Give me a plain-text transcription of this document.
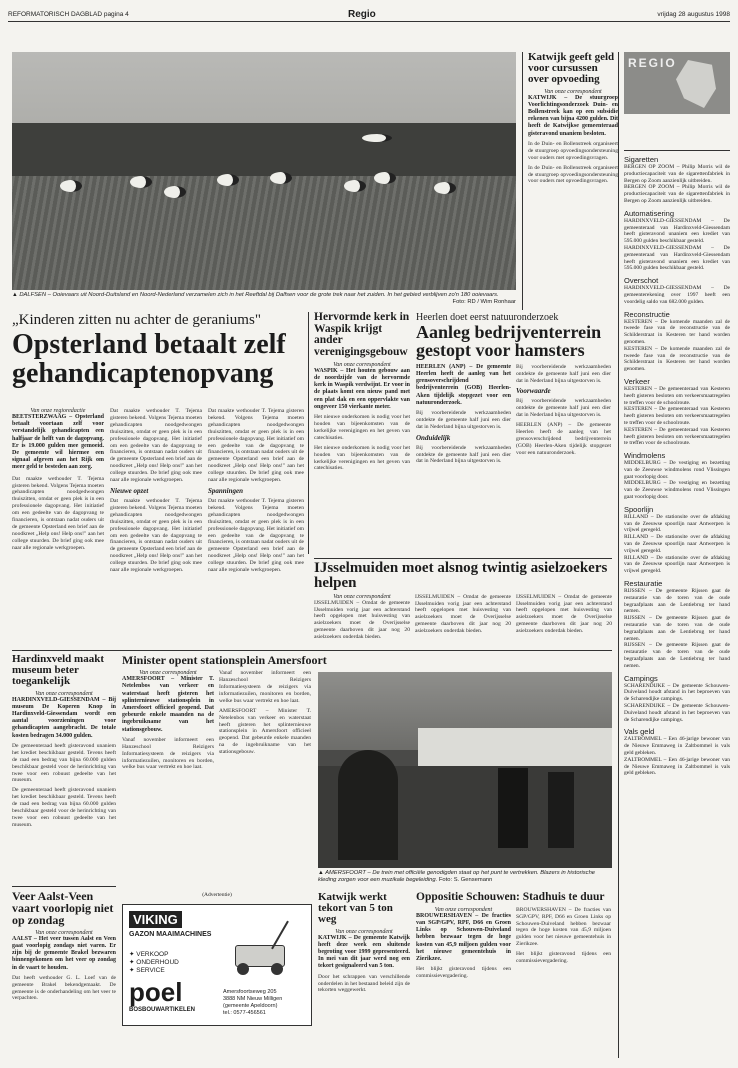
REFORMATORISCH DAGBLAD pagina 4	Regio	vrijdag 28 augustus 1998
▲ DALFSEN – Ooievaars uit Noord-Duitsland en Noord-Nederland verzamelen zich in het Reeftdal bij Dalfsen voor de grote trek naar het zuiden. In het gebied verblijven zo'n 180 ooievaars.
Foto: RD / Wim Ronhaar
„Kinderen zitten nu achter de geraniums"
Opsterland betaalt zelf gehandicaptenopvang
Van onze regioredactie
BEETSTERZWAAG – Opsterland betaalt voortaan zelf voor verstandelijk gehandicapten een halfjaar de helft van de dagopvang. Er is 19.000 gulden mee gemoeid. De gemeente wil hiermee een signaal afgeven aan het Rijk om meer geld te besteden aan zorg.
Dat maakte wethouder T. Tejema gisteren bekend. Volgens Tejema moeten gehandicapten noodgedwongen thuiszitten, omdat er geen plek is in een professionele dagopvang. Het initiatief om een gedeelte van de dagopvang te financieren, is ontstaan nadat ouders uit de gemeente Opsterland een brief aan de noodkreet „Help ons! Help ons!" aan het college stuurden. De brief ging ook mee naar alle regionale werkgroepen.
Dat maakte wethouder T. Tejema gisteren bekend. Volgens Tejema moeten gehandicapten noodgedwongen thuiszitten, omdat er geen plek is in een professionele dagopvang. Het initiatief om een gedeelte van de dagopvang te financieren, is ontstaan nadat ouders uit de gemeente Opsterland een brief aan de noodkreet „Help ons! Help ons!" aan het college stuurden. De brief ging ook mee naar alle regionale werkgroepen.
Nieuwe opzet
Dat maakte wethouder T. Tejema gisteren bekend. Volgens Tejema moeten gehandicapten noodgedwongen thuiszitten, omdat er geen plek is in een professionele dagopvang. Het initiatief om een gedeelte van de dagopvang te financieren, is ontstaan nadat ouders uit de gemeente Opsterland een brief aan de noodkreet „Help ons! Help ons!" aan het college stuurden. De brief ging ook mee naar alle regionale werkgroepen.
Dat maakte wethouder T. Tejema gisteren bekend. Volgens Tejema moeten gehandicapten noodgedwongen thuiszitten, omdat er geen plek is in een professionele dagopvang. Het initiatief om een gedeelte van de dagopvang te financieren, is ontstaan nadat ouders uit de gemeente Opsterland een brief aan de noodkreet „Help ons! Help ons!" aan het college stuurden. De brief ging ook mee naar alle regionale werkgroepen.
Spanningen
Dat maakte wethouder T. Tejema gisteren bekend. Volgens Tejema moeten gehandicapten noodgedwongen thuiszitten, omdat er geen plek is in een professionele dagopvang. Het initiatief om een gedeelte van de dagopvang te financieren, is ontstaan nadat ouders uit de gemeente Opsterland een brief aan de noodkreet „Help ons! Help ons!" aan het college stuurden. De brief ging ook mee naar alle regionale werkgroepen.
Hervormde kerk in Waspik krijgt ander verenigingsgebouw
Van onze correspondent
WASPIK – Het houten gebouw aan de noordzijde van de hervormde kerk in Waspik verdwijnt. Er voor in de plaats komt een nieuw pand met een plat dak en een oppervlakte van ongeveer 150 vierkante meter.
Het nieuwe onderkomen is nodig voor het houden van bijeenkomsten van de kerkelijke verenigingen en het geven van catechisaties.
Het nieuwe onderkomen is nodig voor het houden van bijeenkomsten van de kerkelijke verenigingen en het geven van catechisaties.
Heerlen doet eerst natuuronderzoek
Aanleg bedrijventerrein gestopt voor hamsters
HEERLEN (ANP) – De gemeente Heerlen heeft de aanleg van het grensoverschrijdend bedrijventerrein (GOB) Heerlen-Aken tijdelijk stopgezet voor een natuuronderzoek.
Bij voorbereidende werkzaamheden ontdekte de gemeente half juni een dier dat in Nederland bijna uitgestorven is.
Onduidelijk
Bij voorbereidende werkzaamheden ontdekte de gemeente half juni een dier dat in Nederland bijna uitgestorven is.
Bij voorbereidende werkzaamheden ontdekte de gemeente half juni een dier dat in Nederland bijna uitgestorven is.
Voorwaarde
Bij voorbereidende werkzaamheden ontdekte de gemeente half juni een dier dat in Nederland bijna uitgestorven is.
HEERLEN (ANP) – De gemeente Heerlen heeft de aanleg van het grensoverschrijdend bedrijventerrein (GOB) Heerlen-Aken tijdelijk stopgezet voor een natuuronderzoek.
IJsselmuiden moet alsnog twintig asielzoekers helpen
Van onze correspondent
IJSSELMUIDEN – Omdat de gemeente IJsselmuiden vorig jaar een achterstand heeft opgelopen met huisvesting van asielzoekers moet de Overijsselse gemeente daarboven dit jaar nog 20 asielzoekers onderdak bieden.
IJSSELMUIDEN – Omdat de gemeente IJsselmuiden vorig jaar een achterstand heeft opgelopen met huisvesting van asielzoekers moet de Overijsselse gemeente daarboven dit jaar nog 20 asielzoekers onderdak bieden.
IJSSELMUIDEN – Omdat de gemeente IJsselmuiden vorig jaar een achterstand heeft opgelopen met huisvesting van asielzoekers moet de Overijsselse gemeente daarboven dit jaar nog 20 asielzoekers onderdak bieden.
Hardinxveld maakt museum beter toegankelijk
Van onze correspondent
HARDINXVELD-GIESSENDAM – Bij museum De Koperen Knop in Hardinxveld-Giessendam wordt een aantal voorzieningen voor gehandicapten aangebracht. De totale kosten bedragen 34.000 gulden.
De gemeenteraad heeft gisteravond unaniem het krediet beschikbaar gesteld. Tevens heeft de raad een bedrag van bijna 60.000 gulden beschikbaar gesteld voor de herinrichting van twee voor een robuust gedeelte van het museum.
De gemeenteraad heeft gisteravond unaniem het krediet beschikbaar gesteld. Tevens heeft de raad een bedrag van bijna 60.000 gulden beschikbaar gesteld voor de herinrichting van twee voor een robuust gedeelte van het museum.
Veer Aalst-Veen vaart voorlopig niet op zondag
Van onze correspondent
AALST – Het veer tussen Aalst en Veen gaat voorlopig zondags niet varen. Er zijn bij de gemeente Brakel bezwaren binnengekomen om het veer op zondag in de vaart te houden.
Dat heeft wethouder G. L. Loef van de gemeente Brakel bekendgemaakt. De gemeente is de onderhandeling om het veer te verpachten.
Minister opent stationsplein Amersfoort
Van onze correspondent
AMERSFOORT – Minister T. Netelenbos van verkeer en waterstaat heeft gisteren het splinternieuwe stationsplein in Amersfoort officieel geopend. Dat gebeurde enkele maanden na de ingebruikname van het stationsgebouw.
Vanaf november informeert een Hanzeschool Reizigers Informatiesysteem de reizigers via informatiezuilen, monitoren en borden, welke bus waar vertrekt en hoe laat.
Vanaf november informeert een Hanzeschool Reizigers Informatiesysteem de reizigers via informatiezuilen, monitoren en borden, welke bus waar vertrekt en hoe laat.
AMERSFOORT – Minister T. Netelenbos van verkeer en waterstaat heeft gisteren het splinternieuwe stationsplein in Amersfoort officieel geopend. Dat gebeurde enkele maanden na de ingebruikname van het stationsgebouw.
▲ AMERSFOORT – De trein met officiële genodigden staat op het punt te vertrekken. Blazers in historische kleding zorgen voor een muzikale begeleiding. Foto: S. Gensemann
(Advertentie)
VIKING
GAZON MAAIMACHINES
✦ VERKOOP
✦ ONDERHOUD
✦ SERVICE
poel
BOSBOUWARTIKELEN
Amersfoortseweg 205
3888 NM Nieuw Milligen
(gemeente Apeldoorn)
tel.: 0577-456561
Katwijk werkt tekort van 5 ton weg
Van onze correspondent
KATWIJK – De gemeente Katwijk heeft deze week een sluitende begroting voor 1999 gepresenteerd. In mei van dit jaar werd nog een tekort gesignaleerd van 5 ton.
Door het schrappen van verschillende onderdelen in het bestaand beleid zijn de tekorten weggewerkt.
Oppositie Schouwen: Stadhuis te duur
Van onze correspondent
BROUWERSHAVEN – De fracties van SGP/GPV, RPF, D66 en Groen Links op Schouwen-Duiveland hebben bezwaar tegen de hoge kosten van 45,9 miljoen gulden voor het nieuwe gemeentehuis in Zierikzee.
Het blijkt gisteravond tijdens een commissievergadering.
BROUWERSHAVEN – De fracties van SGP/GPV, RPF, D66 en Groen Links op Schouwen-Duiveland hebben bezwaar tegen de hoge kosten van 45,9 miljoen gulden voor het nieuwe gemeentehuis in Zierikzee.
Het blijkt gisteravond tijdens een commissievergadering.
Katwijk geeft geld voor cursussen over opvoeding
Van onze correspondent
KATWIJK – De stuurgroep Voorlichtingsonderzoek Duin- en Bollenstreek kan op een subsidie rekenen van bijna 4200 gulden. Dit heeft de Katwijkse gemeenteraad gisteravond unaniem besloten.
In de Duin- en Bollenstreek organiseert de stuurgroep opvoedingsondersteuning voor ouders met opvoedingsvragen.
In de Duin- en Bollenstreek organiseert de stuurgroep opvoedingsondersteuning voor ouders met opvoedingsvragen.
REGIO
Sigaretten

BERGEN OP ZOOM – Philip Morris wil de productiecapaciteit van de sigarettenfabriek in Bergen op Zoom aanzienlijk uitbreiden.

BERGEN OP ZOOM – Philip Morris wil de productiecapaciteit van de sigarettenfabriek in Bergen op Zoom aanzienlijk uitbreiden.

Automatisering

HARDINXVELD-GIESSENDAM – De gemeenteraad van Hardinxveld-Giessendam heeft gisteravond unaniem een krediet van 595.000 gulden beschikbaar gesteld.

HARDINXVELD-GIESSENDAM – De gemeenteraad van Hardinxveld-Giessendam heeft gisteravond unaniem een krediet van 595.000 gulden beschikbaar gesteld.

Overschot

HARDINXVELD-GIESSENDAM – De gemeenterekening over 1997 heeft een voordelig saldo van 682.000 gulden.

Reconstructie

KESTEREN – De komende maanden zal de tweede fase van de reconstructie van de Schilderstraat in Kesteren ter hand worden genomen.

KESTEREN – De komende maanden zal de tweede fase van de reconstructie van de Schilderstraat in Kesteren ter hand worden genomen.

Verkeer

KESTEREN – De gemeenteraad van Kesteren heeft gisteren besloten om verkeersmaatregelen te treffen voor de schoolroute.

KESTEREN – De gemeenteraad van Kesteren heeft gisteren besloten om verkeersmaatregelen te treffen voor de schoolroute.

KESTEREN – De gemeenteraad van Kesteren heeft gisteren besloten om verkeersmaatregelen te treffen voor de schoolroute.

Windmolens

MIDDELBURG – De vestiging en bezetting van de Zeeuwse windmolens rond Vlissingen gaat voorlopig door.

MIDDELBURG – De vestiging en bezetting van de Zeeuwse windmolens rond Vlissingen gaat voorlopig door.

Spoorlijn

RILLAND – De stationsite over de afdaking van de Zeeuwse spoorlijn naar Antwerpen is vrijwel geregeld.

RILLAND – De stationsite over de afdaking van de Zeeuwse spoorlijn naar Antwerpen is vrijwel geregeld.

RILLAND – De stationsite over de afdaking van de Zeeuwse spoorlijn naar Antwerpen is vrijwel geregeld.

Restauratie

RIJSSEN – De gemeente Rijssen gaat de restauratie van de toren van de oude begraafplaats aan de Lentiebrug ter hand nemen.

RIJSSEN – De gemeente Rijssen gaat de restauratie van de toren van de oude begraafplaats aan de Lentiebrug ter hand nemen.

RIJSSEN – De gemeente Rijssen gaat de restauratie van de toren van de oude begraafplaats aan de Lentiebrug ter hand nemen.

Campings

SCHARENDIJKE – De gemeente Schouwen-Duiveland houdt afstand in het beproeven van de Scharendijke campings.

SCHARENDIJKE – De gemeente Schouwen-Duiveland houdt afstand in het beproeven van de Scharendijke campings.

Vals geld

ZALTBOMMEL – Een 46-jarige bewoner van de Nieuwe Emmaweg in Zaltbommel is vals geld gebleken.

ZALTBOMMEL – Een 46-jarige bewoner van de Nieuwe Emmaweg in Zaltbommel is vals geld gebleken.
